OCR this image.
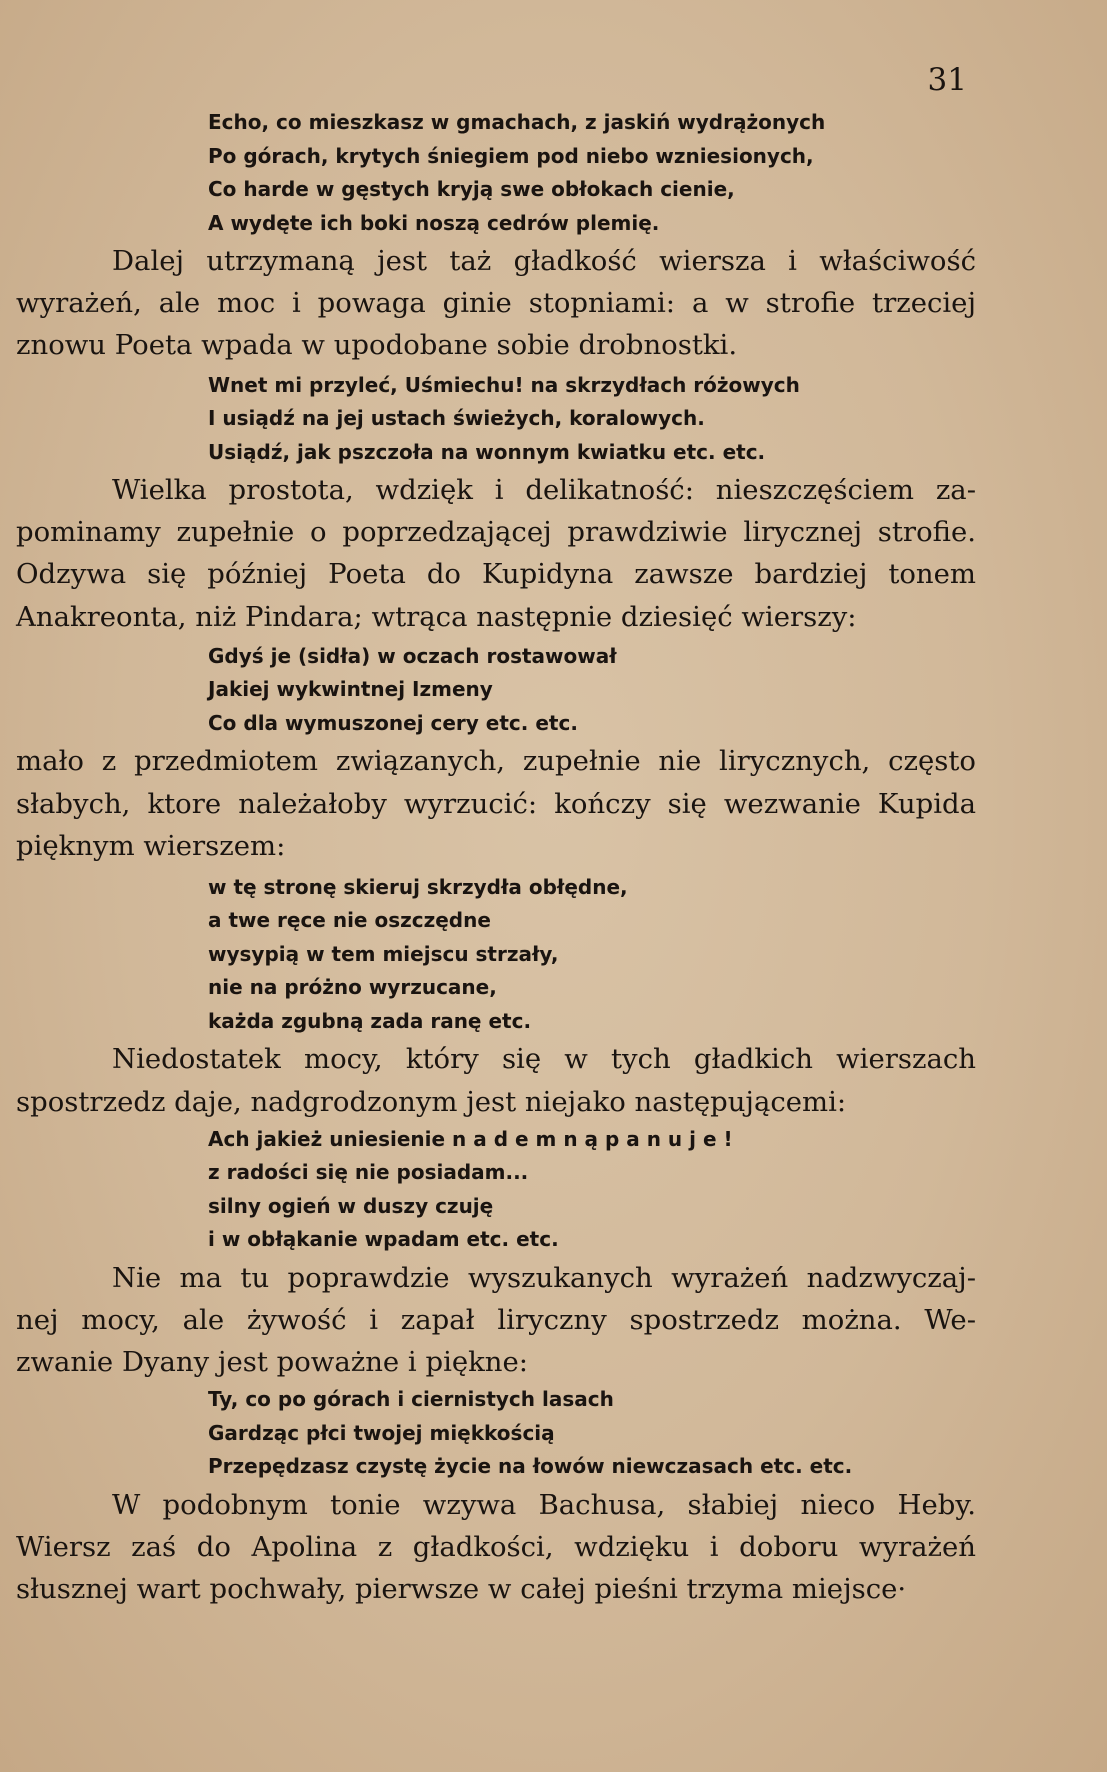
31

Echo, co mieszkasz w gmachach, z jaskiń wydrążonych
Po górach, krytych śniegiem pod niebo wzniesionych,
Co harde w gęstych kryją swe obłokach cienie,
A wydęte ich boki noszą cedrów plemię.
Dalej utrzymaną jest taż gładkość wiersza i właściwość
wyrażeń, ale moc i powaga ginie stopniami: a w strofie trzeciej
znowu Poeta wpada w upodobane sobie drobnostki.
Wnet mi przyleć, Uśmiechu! na skrzydłach różowych
I usiądź na jej ustach świeżych, koralowych.
Usiądź, jak pszczoła na wonnym kwiatku etc. etc.
Wielka prostota, wdzięk i delikatność: nieszczęściem za-
pominamy zupełnie o poprzedzającej prawdziwie lirycznej strofie.
Odzywa się później Poeta do Kupidyna zawsze bardziej tonem
Anakreonta, niż Pindara; wtrąca następnie dziesięć wierszy:
Gdyś je (sidła) w oczach rostawował
Jakiej wykwintnej Izmeny
Co dla wymuszonej cery etc. etc.
mało z przedmiotem związanych, zupełnie nie lirycznych, często
słabych, ktore należałoby wyrzucić: kończy się wezwanie Kupida
pięknym wierszem:
w tę stronę skieruj skrzydła obłędne,
a twe ręce nie oszczędne
wysypią w tem miejscu strzały,
nie na próżno wyrzucane,
każda zgubną zada ranę etc.
Niedostatek mocy, który się w tych gładkich wierszach
spostrzedz daje, nadgrodzonym jest niejako następującemi:
Ach jakież uniesienie n a d e m n ą p a n u j e !
z radości się nie posiadam...
silny ogień w duszy czuję
i w obłąkanie wpadam etc. etc.
Nie ma tu poprawdzie wyszukanych wyrażeń nadzwyczaj-
nej mocy, ale żywość i zapał liryczny spostrzedz można. We-
zwanie Dyany jest poważne i piękne:
Ty, co po górach i ciernistych lasach
Gardząc płci twojej miękkością
Przepędzasz czystę życie na łowów niewczasach etc. etc.
W podobnym tonie wzywa Bachusa, słabiej nieco Heby.
Wiersz zaś do Apolina z gładkości, wdzięku i doboru wyrażeń
słusznej wart pochwały, pierwsze w całej pieśni trzyma miejsce·
